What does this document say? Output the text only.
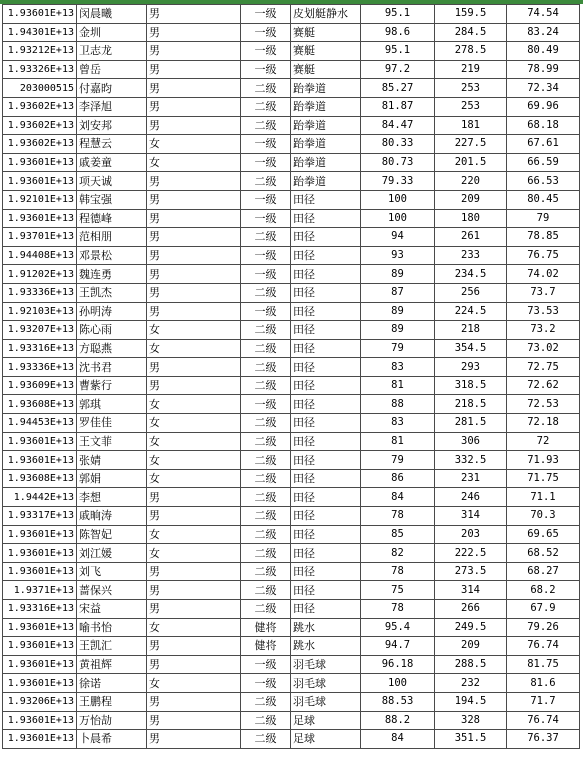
1.93601E+13	闵晨曦	男	一级	皮划艇静水	95.1	159.5	74.54
1.94301E+13	金圳	男	一级	赛艇	98.6	284.5	83.24
1.93212E+13	卫志龙	男	一级	赛艇	95.1	278.5	80.49
1.93326E+13	曾岳	男	一级	赛艇	97.2	219	78.99
203000515	付嘉昀	男	二级	跆拳道	85.27	253	72.34
1.93602E+13	李泽旭	男	二级	跆拳道	81.87	253	69.96
1.93602E+13	刘安邦	男	二级	跆拳道	84.47	181	68.18
1.93602E+13	程慧云	女	一级	跆拳道	80.33	227.5	67.61
1.93601E+13	戚姜童	女	一级	跆拳道	80.73	201.5	66.59
1.93601E+13	项天诚	男	二级	跆拳道	79.33	220	66.53
1.92101E+13	韩宝强	男	一级	田径	100	209	80.45
1.93601E+13	程德峰	男	一级	田径	100	180	79
1.93701E+13	范相朋	男	二级	田径	94	261	78.85
1.94408E+13	邓景松	男	一级	田径	93	233	76.75
1.91202E+13	魏连勇	男	一级	田径	89	234.5	74.02
1.93336E+13	王凯杰	男	二级	田径	87	256	73.7
1.92103E+13	孙明涛	男	一级	田径	89	224.5	73.53
1.93207E+13	陈心雨	女	二级	田径	89	218	73.2
1.93316E+13	方聪燕	女	二级	田径	79	354.5	73.02
1.93336E+13	沈书君	男	二级	田径	83	293	72.75
1.93609E+13	曹紫行	男	二级	田径	81	318.5	72.62
1.93608E+13	郭琪	女	一级	田径	88	218.5	72.53
1.94453E+13	罗佳佳	女	二级	田径	83	281.5	72.18
1.93601E+13	王文菲	女	二级	田径	81	306	72
1.93601E+13	张婧	女	二级	田径	79	332.5	71.93
1.93608E+13	郭娟	女	二级	田径	86	231	71.75
1.9442E+13	李想	男	二级	田径	84	246	71.1
1.93317E+13	戚晌涛	男	二级	田径	78	314	70.3
1.93601E+13	陈智妃	女	二级	田径	85	203	69.65
1.93601E+13	刘江媛	女	二级	田径	82	222.5	68.52
1.93601E+13	刘飞	男	二级	田径	78	273.5	68.27
1.9371E+13	蔷保兴	男	二级	田径	75	314	68.2
1.93316E+13	宋益	男	二级	田径	78	266	67.9
1.93601E+13	喻书怡	女	健将	跳水	95.4	249.5	79.26
1.93601E+13	王凯汇	男	健将	跳水	94.7	209	76.74
1.93601E+13	黄祖辉	男	一级	羽毛球	96.18	288.5	81.75
1.93601E+13	徐诺	女	一级	羽毛球	100	232	81.6
1.93206E+13	王鹏程	男	二级	羽毛球	88.53	194.5	71.7
1.93601E+13	万怡劼	男	二级	足球	88.2	328	76.74
1.93601E+13	卜晨希	男	二级	足球	84	351.5	76.37
